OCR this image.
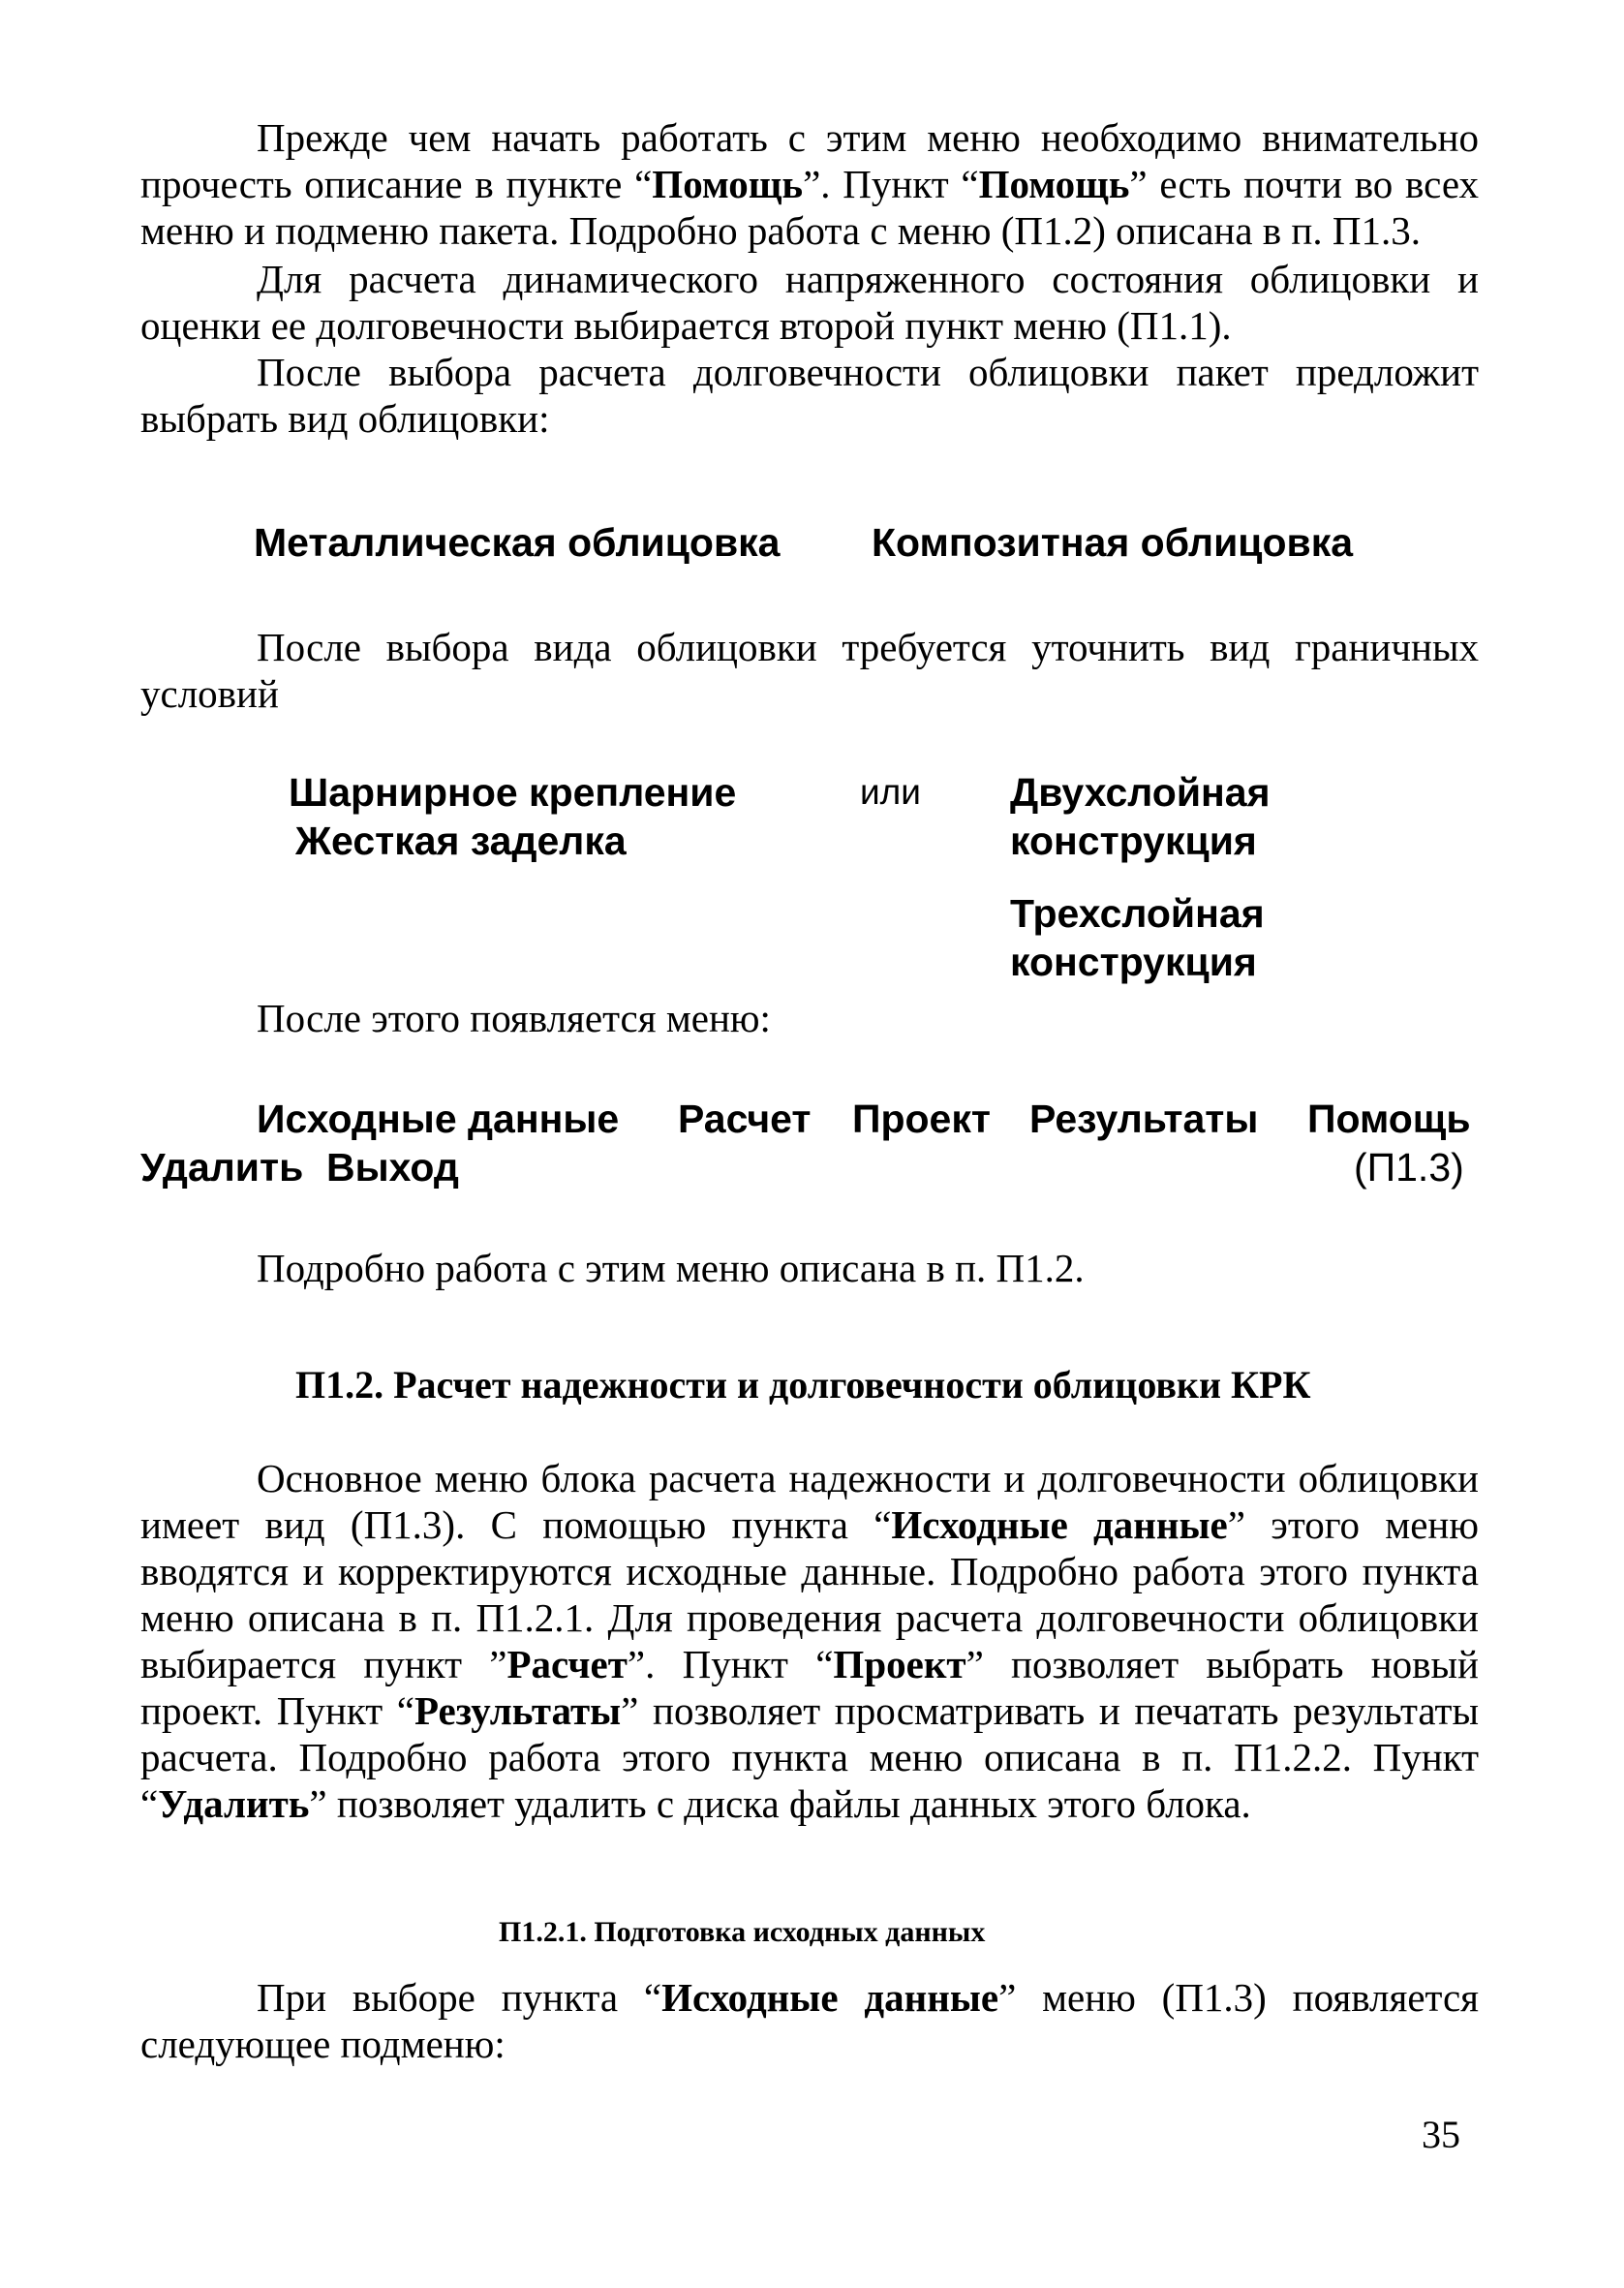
Прежде чем начать работать с этим меню необходимо внимательно прочесть описание в пункте “Помощь”. Пункт “Помощь” есть почти во всех меню и подменю пакета. Подробно работа с меню (П1.2) описана в п. П1.3.
Для расчета динамического напряженного состояния облицовки и оценки ее долговечности выбирается второй пункт меню (П1.1).
После выбора расчета долговечности облицовки пакет предложит выбрать вид облицовки:
Металлическая облицовка Композитная облицовка
После выбора вида облицовки требуется уточнить вид граничных условий
Шарнирное крепление
Жесткая заделка
или Двухслойная
конструкция
Трехслойная
конструкция
После этого появляется меню:
Исходные данные Расчет Проект Результаты Помощь
Удалить Выход	(П1.3)
Подробно работа с этим меню описана в п. П1.2.
П1.2. Расчет надежности и долговечности облицовки КРК
Основное меню блока расчета надежности и долговечности облицовки имеет вид (П1.3). С помощью пункта “Исходные данные” этого меню вводятся и корректируются исходные данные. Подробно работа этого пункта меню описана в п. П1.2.1. Для проведения расчета долговечности облицовки выбирается пункт ”Расчет”. Пункт “Проект” позволяет выбрать новый проект. Пункт “Результаты” позволяет просматривать и печатать результаты расчета. Подробно работа этого пункта меню описана в п. П1.2.2. Пункт “Удалить” позволяет удалить с диска файлы данных этого блока.
П1.2.1. Подготовка исходных данных
При выборе пункта “Исходные данные” меню (П1.3) появляется следующее подменю:
35
